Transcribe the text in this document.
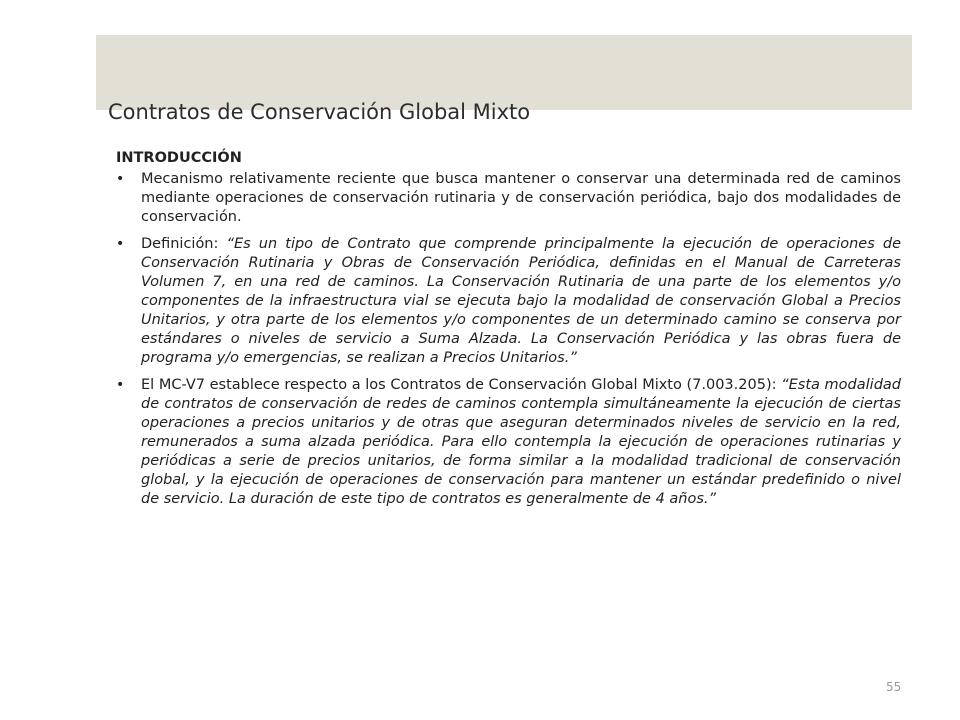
Contratos de Conservación Global Mixto
INTRODUCCIÓN
• Mecanismo relativamente reciente que busca mantener o conservar una determinada red de caminos mediante operaciones de conservación rutinaria y de conservación periódica, bajo dos modalidades de conservación.
• Definición: “Es un tipo de Contrato que comprende principalmente la ejecución de operaciones de Conservación Rutinaria y Obras de Conservación Periódica, definidas en el Manual de Carreteras Volumen 7, en una red de caminos. La Conservación Rutinaria de una parte de los elementos y/o componentes de la infraestructura vial se ejecuta bajo la modalidad de conservación Global a Precios Unitarios, y otra parte de los elementos y/o componentes de un determinado camino se conserva por estándares o niveles de servicio a Suma Alzada. La Conservación Periódica y las obras fuera de programa y/o emergencias, se realizan a Precios Unitarios.”
• El MC-V7 establece respecto a los Contratos de Conservación Global Mixto (7.003.205): “Esta modalidad de contratos de conservación de redes de caminos contempla simultáneamente la ejecución de ciertas operaciones a precios unitarios y de otras que aseguran determinados niveles de servicio en la red, remunerados a suma alzada periódica. Para ello contempla la ejecución de operaciones rutinarias y periódicas a serie de precios unitarios, de forma similar a la modalidad tradicional de conservación global, y la ejecución de operaciones de conservación para mantener un estándar predefinido o nivel de servicio. La duración de este tipo de contratos es generalmente de 4 años.”
55
